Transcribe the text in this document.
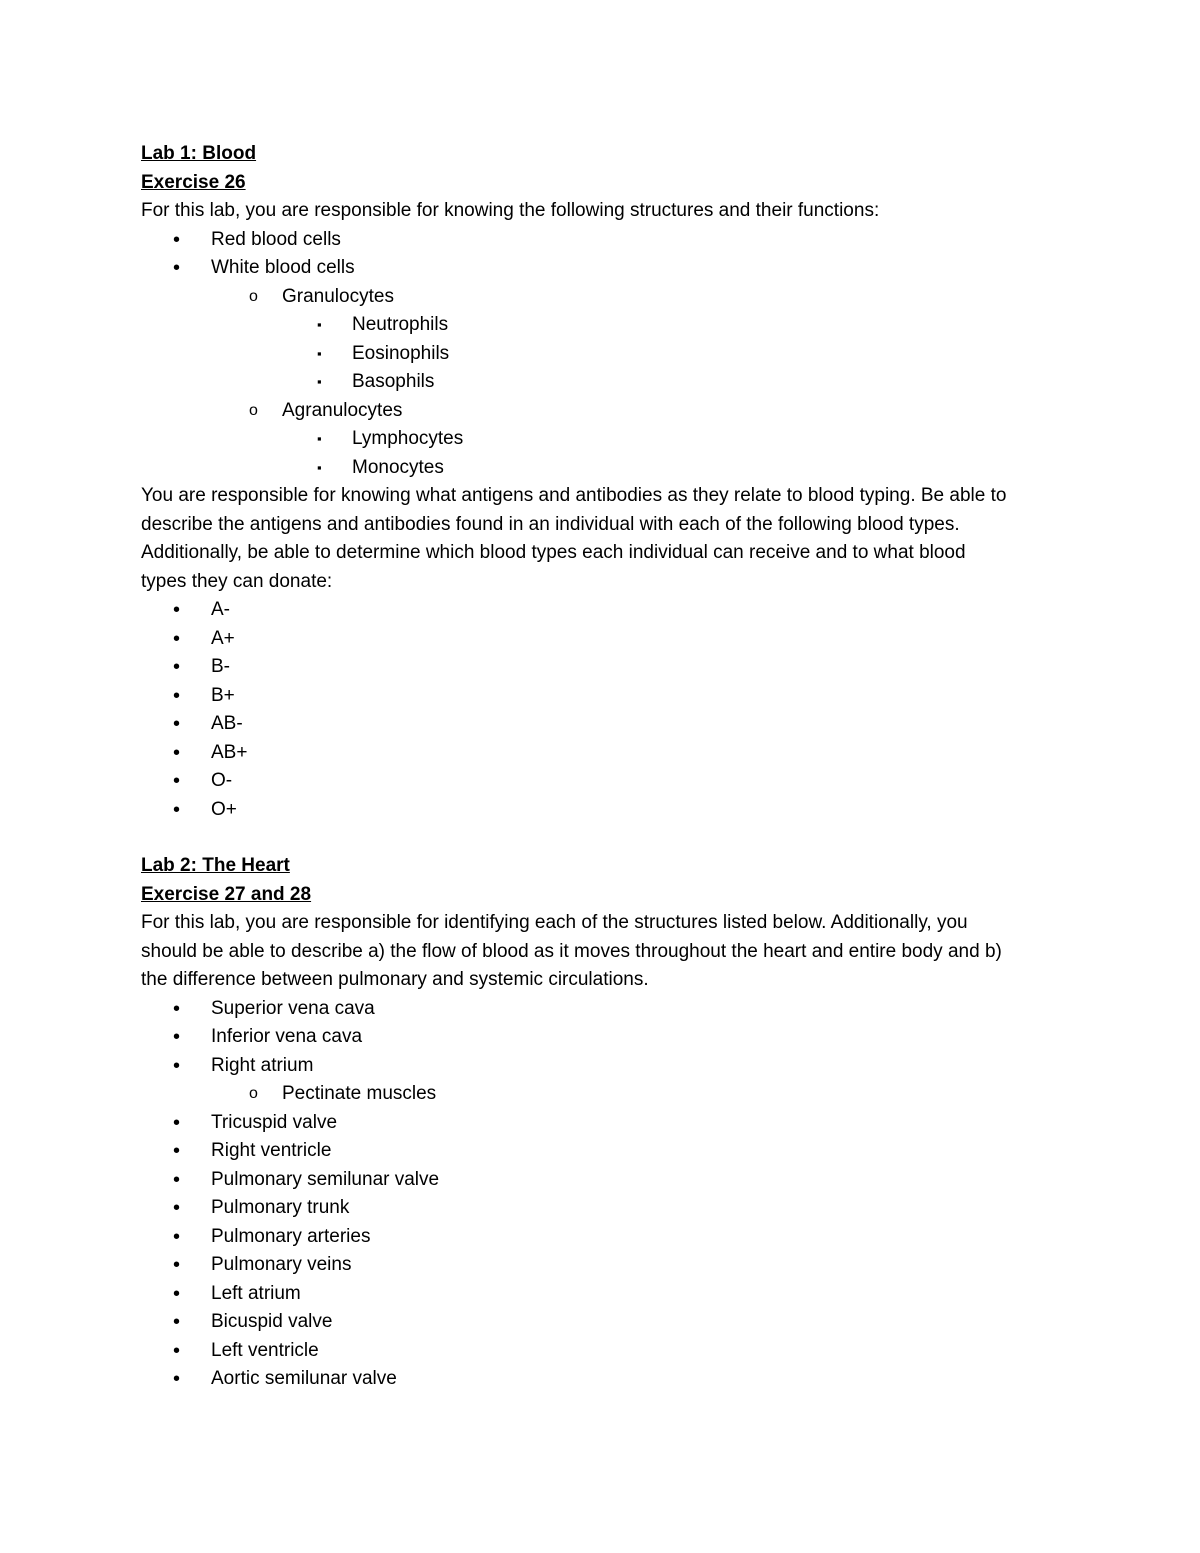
Lab 1: Blood

Exercise 26

For this lab, you are responsible for knowing the following structures and their functions:

• Red blood cells
• White blood cells
o Granulocytes
▪ Neutrophils
▪ Eosinophils
▪ Basophils
o Agranulocytes
▪ Lymphocytes
▪ Monocytes

You are responsible for knowing what antigens and antibodies as they relate to blood typing. Be able to

describe the antigens and antibodies found in an individual with each of the following blood types.

Additionally, be able to determine which blood types each individual can receive and to what blood

types they can donate:

• A-
• A+
• B-
• B+
• AB-
• AB+
• O-
• O+

Lab 2: The Heart

Exercise 27 and 28

For this lab, you are responsible for identifying each of the structures listed below. Additionally, you

should be able to describe a) the flow of blood as it moves throughout the heart and entire body and b)

the difference between pulmonary and systemic circulations.

• Superior vena cava
• Inferior vena cava
• Right atrium
o Pectinate muscles
• Tricuspid valve
• Right ventricle
• Pulmonary semilunar valve
• Pulmonary trunk
• Pulmonary arteries
• Pulmonary veins
• Left atrium
• Bicuspid valve
• Left ventricle
• Aortic semilunar valve
